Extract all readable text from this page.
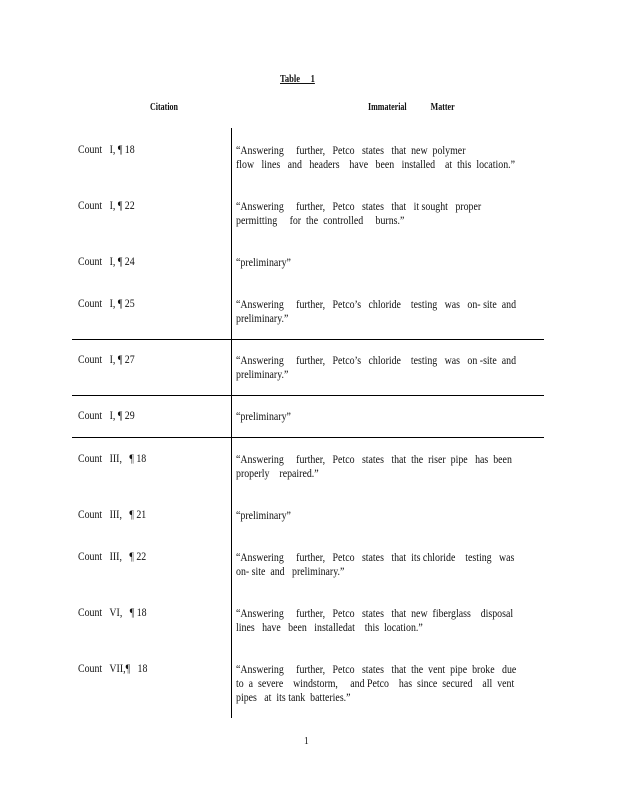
Table     1
Citation	Immaterial            Matter
Count   I, ¶ 18	“Answering     further,   Petco   states   that  new  polymer
flow   lines   and   headers    have   been   installed    at  this  location.”
Count   I, ¶ 22	“Answering     further,   Petco   states   that   it sought   proper
permitting     for  the  controlled     burns.”
Count   I, ¶ 24	“preliminary”
Count   I, ¶ 25	“Answering     further,   Petco’s   chloride    testing   was   on- site  and
preliminary.”
Count   I, ¶ 27	“Answering     further,   Petco’s   chloride    testing   was   on -site  and
preliminary.”
Count   I, ¶ 29	“preliminary”
Count   III,   ¶ 18	“Answering     further,   Petco   states   that  the  riser  pipe   has  been
properly    repaired.”
Count   III,   ¶ 21	“preliminary”
Count   III,   ¶ 22	“Answering     further,   Petco   states   that  its chloride    testing   was
on- site  and   preliminary.”
Count   VI,   ¶ 18	“Answering     further,   Petco   states   that  new  fiberglass    disposal
lines   have   been   installedat    this  location.”
Count   VII,¶   18	“Answering     further,   Petco   states   that  the  vent  pipe  broke   due
to  a  severe    windstorm,     and Petco    has  since  secured    all  vent
pipes   at  its tank  batteries.”
1
